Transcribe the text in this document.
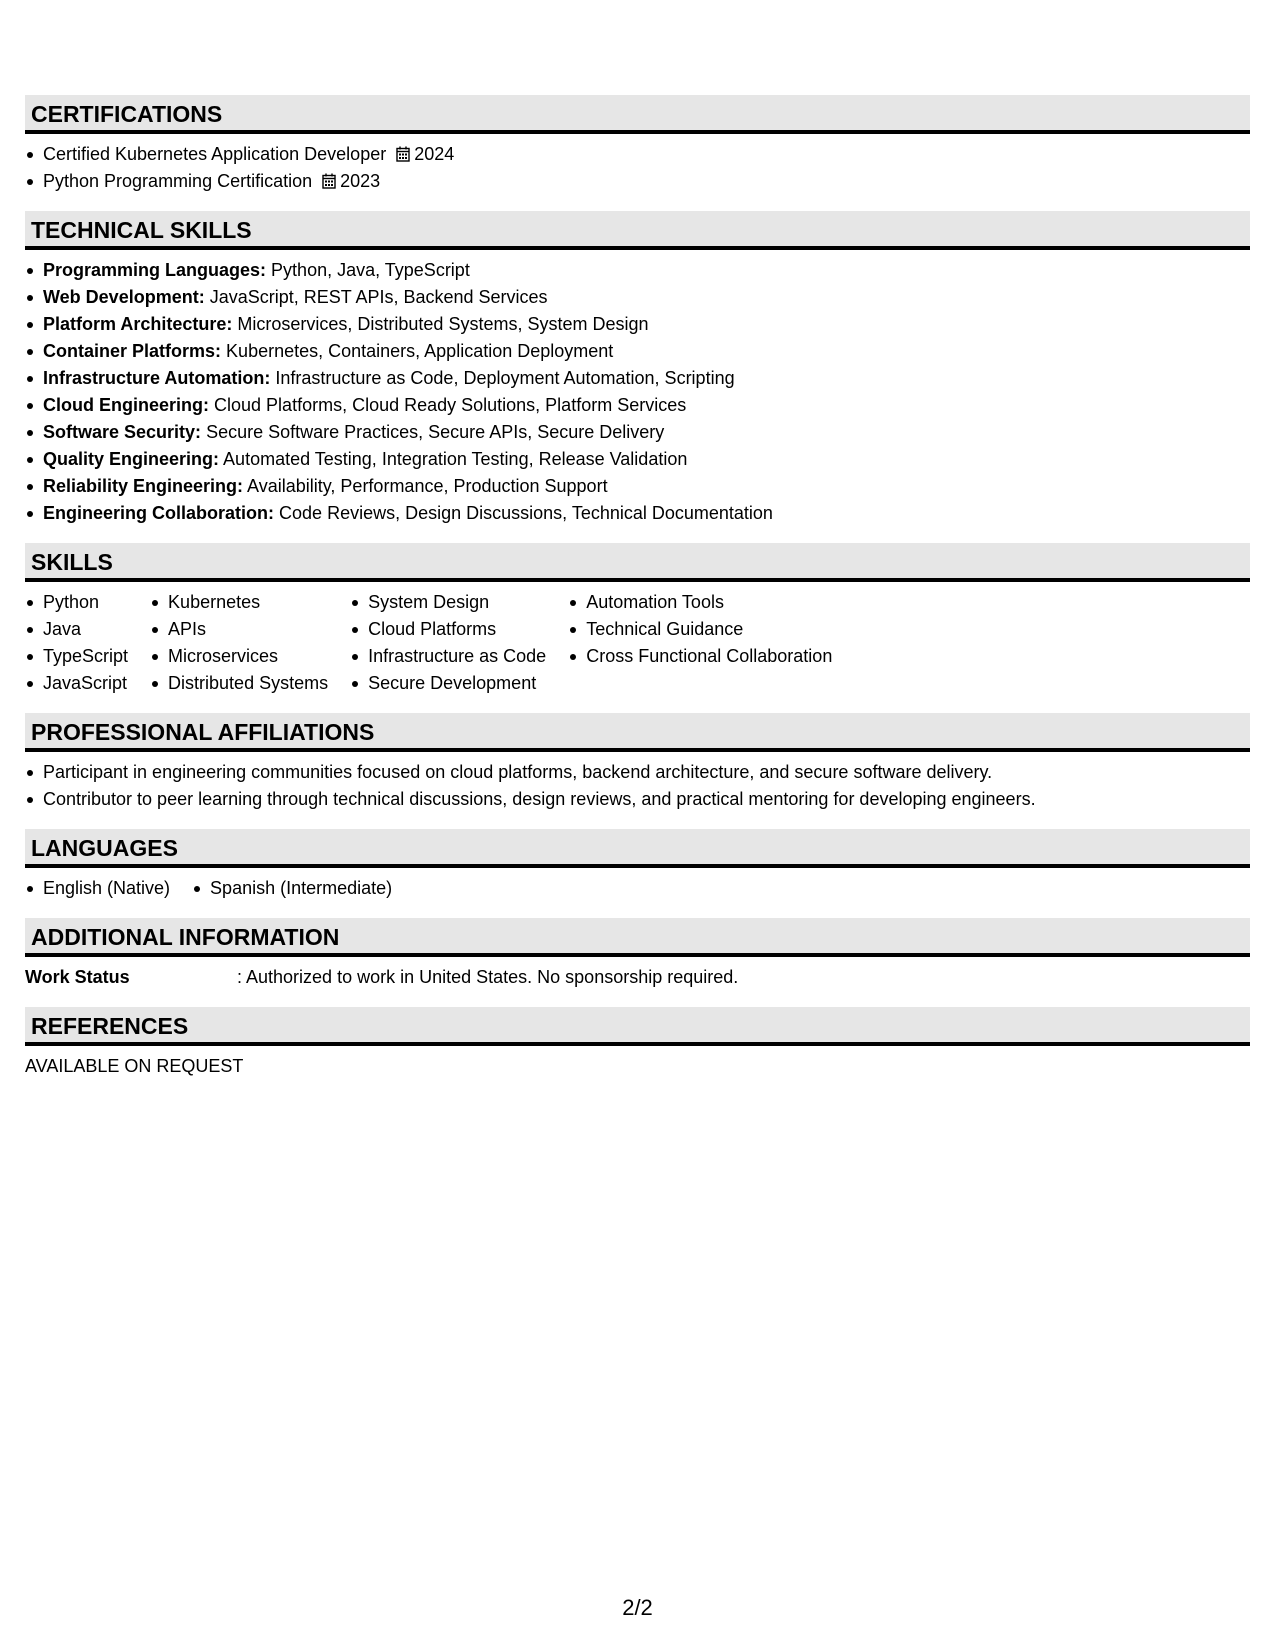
CERTIFICATIONS
Certified Kubernetes Application Developer 2024
Python Programming Certification 2023
TECHNICAL SKILLS
Programming Languages: Python, Java, TypeScript
Web Development: JavaScript, REST APIs, Backend Services
Platform Architecture: Microservices, Distributed Systems, System Design
Container Platforms: Kubernetes, Containers, Application Deployment
Infrastructure Automation: Infrastructure as Code, Deployment Automation, Scripting
Cloud Engineering: Cloud Platforms, Cloud Ready Solutions, Platform Services
Software Security: Secure Software Practices, Secure APIs, Secure Delivery
Quality Engineering: Automated Testing, Integration Testing, Release Validation
Reliability Engineering: Availability, Performance, Production Support
Engineering Collaboration: Code Reviews, Design Discussions, Technical Documentation
SKILLS
Python
Java
TypeScript
JavaScript
Kubernetes
APIs
Microservices
Distributed Systems
System Design
Cloud Platforms
Infrastructure as Code
Secure Development
Automation Tools
Technical Guidance
Cross Functional Collaboration
PROFESSIONAL AFFILIATIONS
Participant in engineering communities focused on cloud platforms, backend architecture, and secure software delivery.
Contributor to peer learning through technical discussions, design reviews, and practical mentoring for developing engineers.
LANGUAGES
English (Native)	Spanish (Intermediate)
ADDITIONAL INFORMATION
Work Status	: Authorized to work in United States. No sponsorship required.
REFERENCES
AVAILABLE ON REQUEST
2/2
